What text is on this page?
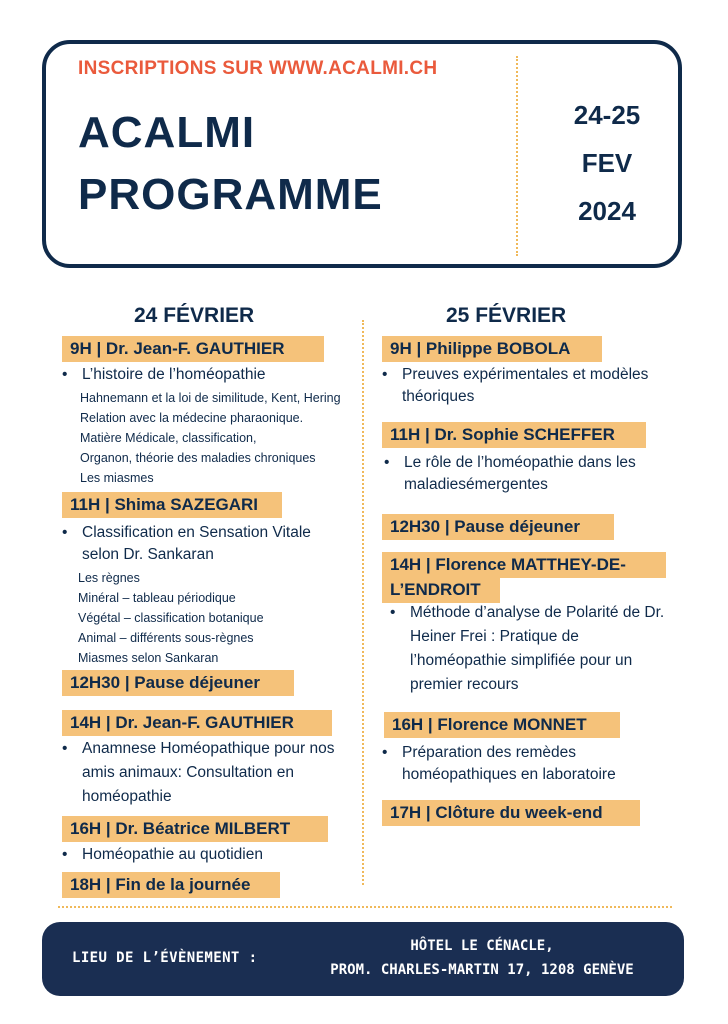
INSCRIPTIONS SUR WWW.ACALMI.CH
ACALMI
PROGRAMME
24-25
FEV
2024
24 FÉVRIER
9H | Dr. Jean-F. GAUTHIER
• L’histoire de l’homéopathie
Hahnemann et la loi de similitude, Kent, Hering
Relation avec la médecine pharaonique.
Matière Médicale, classification,
Organon, théorie des maladies chroniques
Les miasmes
11H | Shima SAZEGARI
• Classification en Sensation Vitale
selon Dr. Sankaran
Les règnes
Minéral – tableau périodique
Végétal – classification botanique
Animal – différents sous-règnes
Miasmes selon Sankaran
12H30 | Pause déjeuner
14H | Dr. Jean-F. GAUTHIER
• Anamnese Homéopathique pour nos
amis animaux: Consultation en
homéopathie
16H | Dr. Béatrice MILBERT
• Homéopathie au quotidien
18H | Fin de la journée
25 FÉVRIER
9H | Philippe BOBOLA
• Preuves expérimentales et modèles
théoriques
11H | Dr. Sophie SCHEFFER
• Le rôle de l’homéopathie dans les
maladiesémergentes
12H30 | Pause déjeuner
14H | Florence MATTHEY-DE-
L’ENDROIT
• Méthode d’analyse de Polarité de Dr.
Heiner Frei : Pratique de
l’homéopathie simplifiée pour un
premier recours
16H | Florence MONNET
• Préparation des remèdes
homéopathiques en laboratoire
17H | Clôture du week-end
LIEU DE L’ÉVÈNEMENT :
HÔTEL LE CÉNACLE,
PROM. CHARLES-MARTIN 17, 1208 GENÈVE
